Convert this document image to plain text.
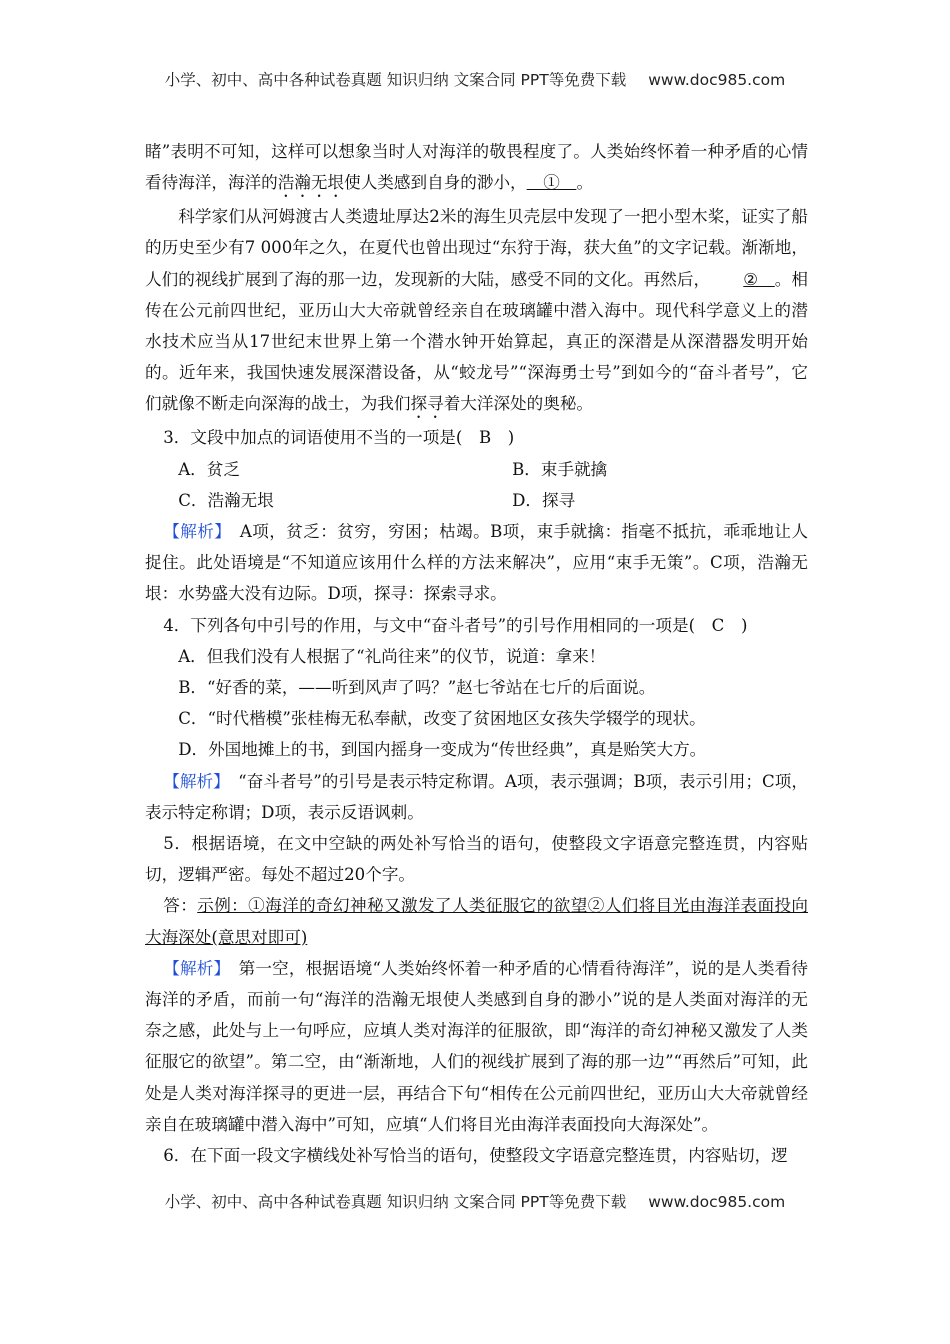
小学、初中、高中各种试卷真题 知识归纳 文案合同 PPT等免费下载 www.doc985.com

睹”表明不可知，这样可以想象当时人对海洋的敬畏程度了。人类始终怀着一种矛盾的心情看待海洋，海洋的浩瀚无垠使人类感到自身的渺小，　①　。

科学家们从河姆渡古人类遗址厚达2米的海生贝壳层中发现了一把小型木桨，证实了船的历史至少有7 000年之久，在夏代也曾出现过“东狩于海，获大鱼”的文字记载。渐渐地，人们的视线扩展到了海的那一边，发现新的大陆，感受不同的文化。再然后，②　。相传在公元前四世纪，亚历山大大帝就曾经亲自在玻璃罐中潜入海中。现代科学意义上的潜水技术应当从17世纪末世界上第一个潜水钟开始算起，真正的深潜是从深潜器发明开始的。近年来，我国快速发展深潜设备，从“蛟龙号”“深海勇士号”到如今的“奋斗者号”，它们就像不断走向深海的战士，为我们探寻着大洋深处的奥秘。

3．文段中加点的词语使用不当的一项是(　B　)

A．贫乏	B．束手就擒
C．浩瀚无垠	D．探寻

【解析】　A项，贫乏：贫穷，穷困；枯竭。B项，束手就擒：指毫不抵抗，乖乖地让人捉住。此处语境是“不知道应该用什么样的方法来解决”，应用“束手无策”。C项，浩瀚无垠：水势盛大没有边际。D项，探寻：探索寻求。

4．下列各句中引号的作用，与文中“奋斗者号”的引号作用相同的一项是(　C　)

A．但我们没有人根据了“礼尚往来”的仪节，说道：拿来！

B．“好香的菜，——听到风声了吗？”赵七爷站在七斤的后面说。

C．“时代楷模”张桂梅无私奉献，改变了贫困地区女孩失学辍学的现状。

D．外国地摊上的书，到国内摇身一变成为“传世经典”，真是贻笑大方。

【解析】　“奋斗者号”的引号是表示特定称谓。A项，表示强调；B项，表示引用；C项，表示特定称谓；D项，表示反语讽刺。

5．根据语境，在文中空缺的两处补写恰当的语句，使整段文字语意完整连贯，内容贴切，逻辑严密。每处不超过20个字。

答：示例：①海洋的奇幻神秘又激发了人类征服它的欲望②人们将目光由海洋表面投向大海深处(意思对即可)

【解析】　第一空，根据语境“人类始终怀着一种矛盾的心情看待海洋”，说的是人类看待海洋的矛盾，而前一句“海洋的浩瀚无垠使人类感到自身的渺小”说的是人类面对海洋的无奈之感，此处与上一句呼应，应填人类对海洋的征服欲，即“海洋的奇幻神秘又激发了人类征服它的欲望”。第二空，由“渐渐地，人们的视线扩展到了海的那一边”“再然后”可知，此处是人类对海洋探寻的更进一层，再结合下句“相传在公元前四世纪，亚历山大大帝就曾经亲自在玻璃罐中潜入海中”可知，应填“人们将目光由海洋表面投向大海深处”。

6．在下面一段文字横线处补写恰当的语句，使整段文字语意完整连贯，内容贴切，逻

小学、初中、高中各种试卷真题 知识归纳 文案合同 PPT等免费下载 www.doc985.com
